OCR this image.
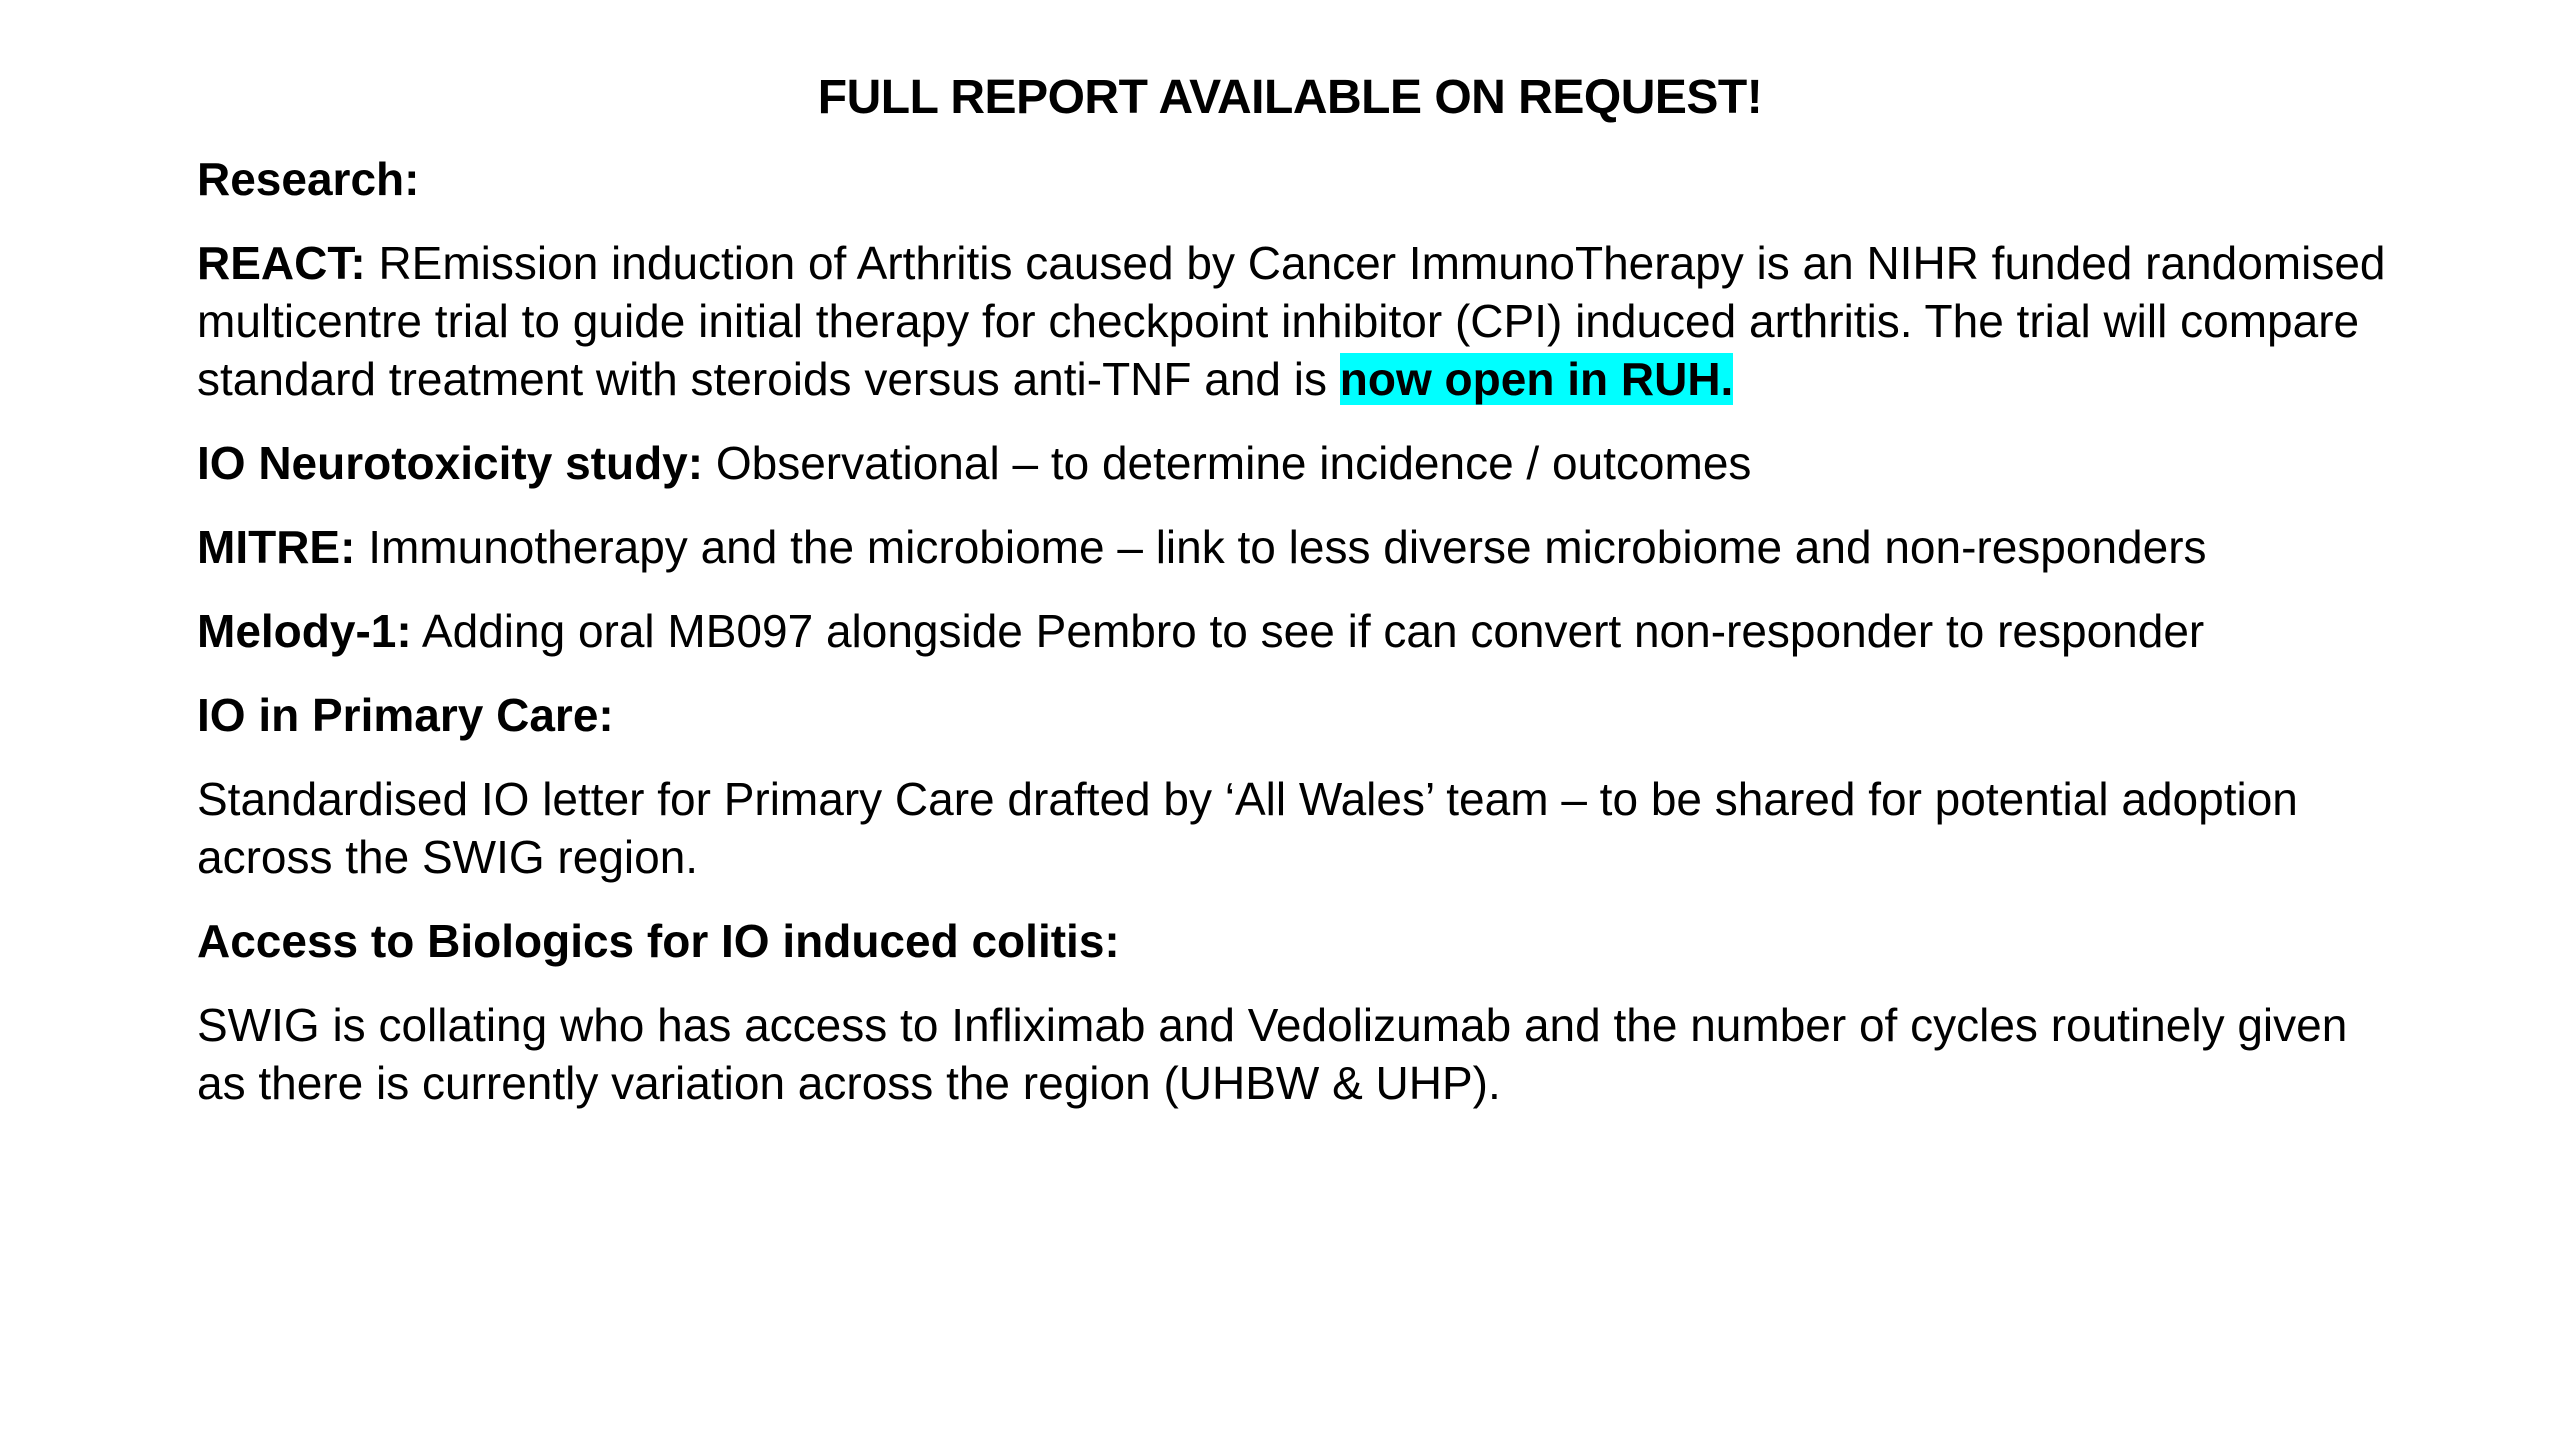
FULL REPORT AVAILABLE ON REQUEST!

Research:

REACT: REmission induction of Arthritis caused by Cancer ImmunoTherapy is an NIHR funded randomised multicentre trial to guide initial therapy for checkpoint inhibitor (CPI) induced arthritis. The trial will compare standard treatment with steroids versus anti-TNF and is now open in RUH.

IO Neurotoxicity study: Observational – to determine incidence / outcomes

MITRE: Immunotherapy and the microbiome – link to less diverse microbiome and non-responders

Melody-1: Adding oral MB097 alongside Pembro to see if can convert non-responder to responder

IO in Primary Care:

Standardised IO letter for Primary Care drafted by ‘All Wales’ team – to be shared for potential adoption across the SWIG region.

Access to Biologics for IO induced colitis:

SWIG is collating who has access to Infliximab and Vedolizumab and the number of cycles routinely given as there is currently variation across the region (UHBW & UHP).
